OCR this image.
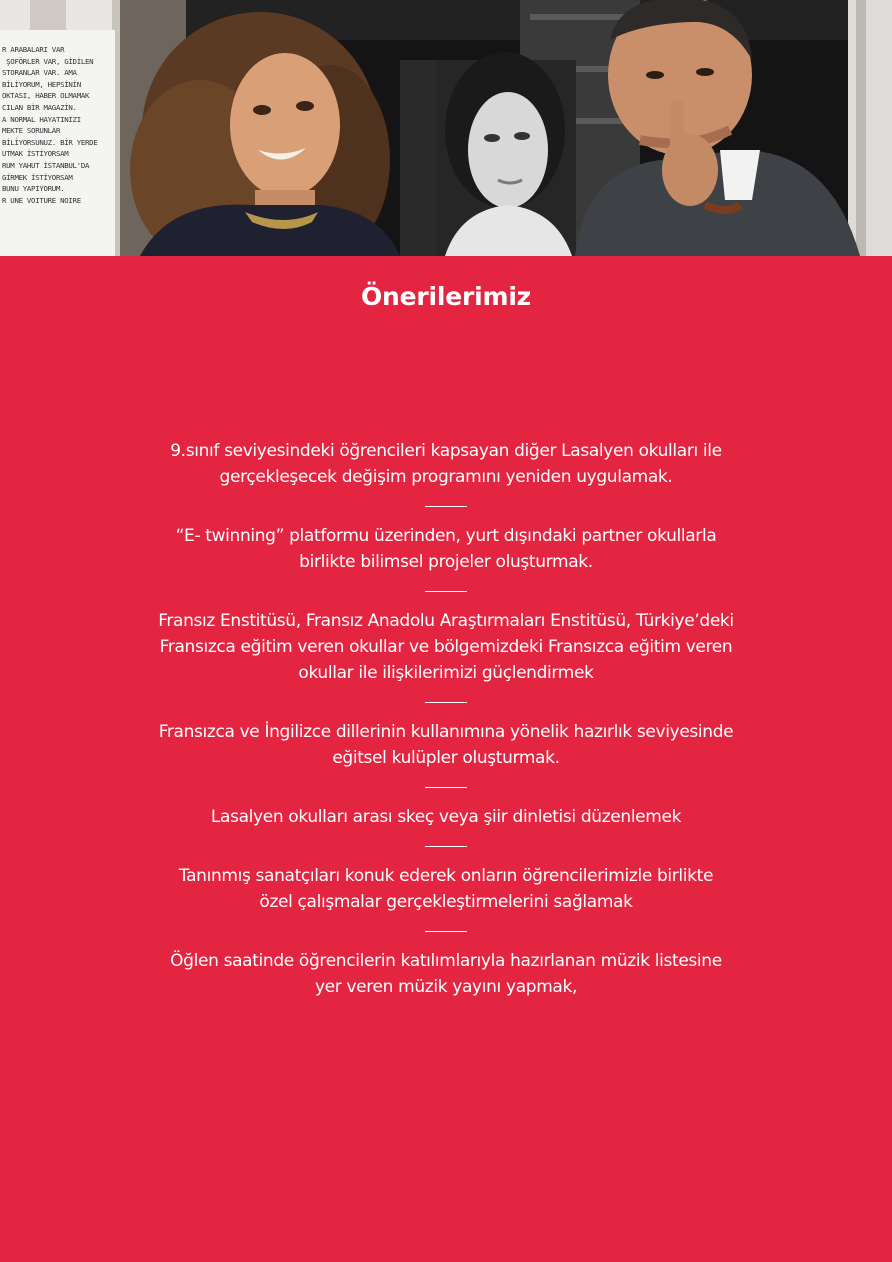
R ARABALARI VAR
ŞOFÖRLER VAR, GİDİLEN
STORANLAR VAR. AMA
BİLİYORUM, HEPSİNİN
OKTASI, HABER OLMAMAK
CILAN BİR MAGAZİN.
A NORMAL HAYATINIZI
MEKTE SORUNLAR
BİLİYORSUNUZ. BİR YERDE
UTMAK İSTİYORSAM
RUM YAHUT İSTANBUL'DA
GİRMEK İSTİYORSAM
BUNU YAPIYORUM.
R UNE VOITURE NOIRE
Önerilerimiz

9.sınıf seviyesindeki öğrencileri kapsayan diğer Lasalyen okulları ile

gerçekleşecek değişim programını yeniden uygulamak.

“E- twinning” platformu üzerinden, yurt dışındaki partner okullarla

birlikte bilimsel projeler oluşturmak.

Fransız Enstitüsü, Fransız Anadolu Araştırmaları Enstitüsü, Türkiye’deki

Fransızca eğitim veren okullar ve bölgemizdeki Fransızca eğitim veren

okullar ile ilişkilerimizi güçlendirmek

Fransızca ve İngilizce dillerinin kullanımına yönelik hazırlık seviyesinde

eğitsel kulüpler oluşturmak.

Lasalyen okulları arası skeç veya şiir dinletisi düzenlemek

Tanınmış sanatçıları konuk ederek onların öğrencilerimizle birlikte

özel çalışmalar gerçekleştirmelerini sağlamak

Öğlen saatinde öğrencilerin katılımlarıyla hazırlanan müzik listesine

yer veren müzik yayını yapmak,
